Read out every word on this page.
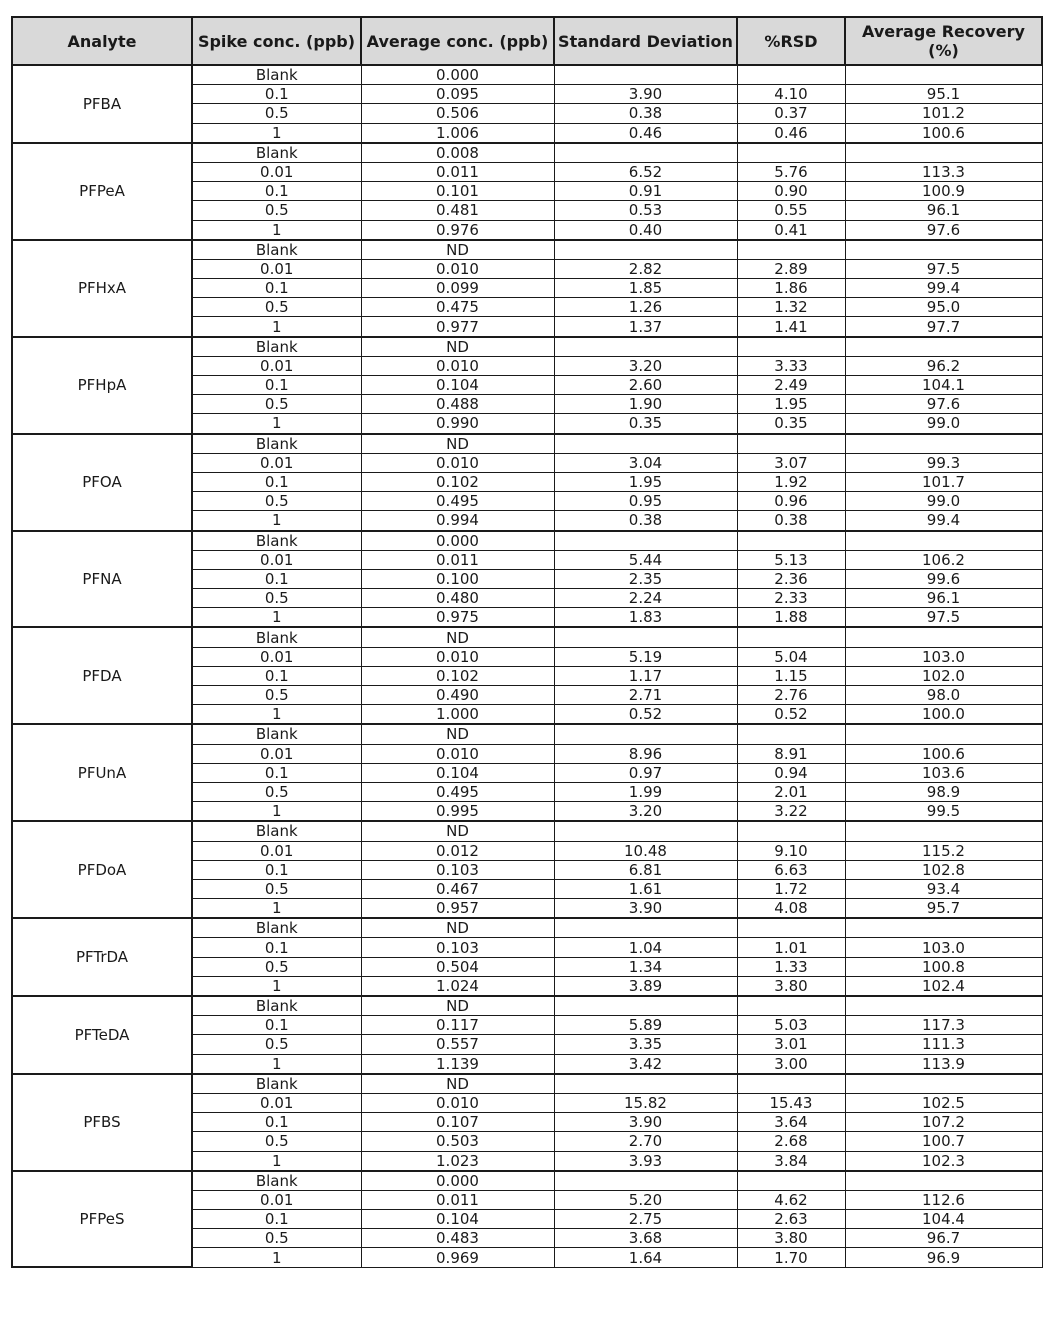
Analyte	Spike conc. (ppb)	Average conc. (ppb)	Standard Deviation	%RSD	Average Recovery (%)
PFBA	Blank	0.000			
	0.1	0.095	3.90	4.10	95.1
	0.5	0.506	0.38	0.37	101.2
	1	1.006	0.46	0.46	100.6
PFPeA	Blank	0.008			
	0.01	0.011	6.52	5.76	113.3
	0.1	0.101	0.91	0.90	100.9
	0.5	0.481	0.53	0.55	96.1
	1	0.976	0.40	0.41	97.6
PFHxA	Blank	ND			
	0.01	0.010	2.82	2.89	97.5
	0.1	0.099	1.85	1.86	99.4
	0.5	0.475	1.26	1.32	95.0
	1	0.977	1.37	1.41	97.7
PFHpA	Blank	ND			
	0.01	0.010	3.20	3.33	96.2
	0.1	0.104	2.60	2.49	104.1
	0.5	0.488	1.90	1.95	97.6
	1	0.990	0.35	0.35	99.0
PFOA	Blank	ND			
	0.01	0.010	3.04	3.07	99.3
	0.1	0.102	1.95	1.92	101.7
	0.5	0.495	0.95	0.96	99.0
	1	0.994	0.38	0.38	99.4
PFNA	Blank	0.000			
	0.01	0.011	5.44	5.13	106.2
	0.1	0.100	2.35	2.36	99.6
	0.5	0.480	2.24	2.33	96.1
	1	0.975	1.83	1.88	97.5
PFDA	Blank	ND			
	0.01	0.010	5.19	5.04	103.0
	0.1	0.102	1.17	1.15	102.0
	0.5	0.490	2.71	2.76	98.0
	1	1.000	0.52	0.52	100.0
PFUnA	Blank	ND			
	0.01	0.010	8.96	8.91	100.6
	0.1	0.104	0.97	0.94	103.6
	0.5	0.495	1.99	2.01	98.9
	1	0.995	3.20	3.22	99.5
PFDoA	Blank	ND			
	0.01	0.012	10.48	9.10	115.2
	0.1	0.103	6.81	6.63	102.8
	0.5	0.467	1.61	1.72	93.4
	1	0.957	3.90	4.08	95.7
PFTrDA	Blank	ND			
	0.1	0.103	1.04	1.01	103.0
	0.5	0.504	1.34	1.33	100.8
	1	1.024	3.89	3.80	102.4
PFTeDA	Blank	ND			
	0.1	0.117	5.89	5.03	117.3
	0.5	0.557	3.35	3.01	111.3
	1	1.139	3.42	3.00	113.9
PFBS	Blank	ND			
	0.01	0.010	15.82	15.43	102.5
	0.1	0.107	3.90	3.64	107.2
	0.5	0.503	2.70	2.68	100.7
	1	1.023	3.93	3.84	102.3
PFPeS	Blank	0.000			
	0.01	0.011	5.20	4.62	112.6
	0.1	0.104	2.75	2.63	104.4
	0.5	0.483	3.68	3.80	96.7
	1	0.969	1.64	1.70	96.9
